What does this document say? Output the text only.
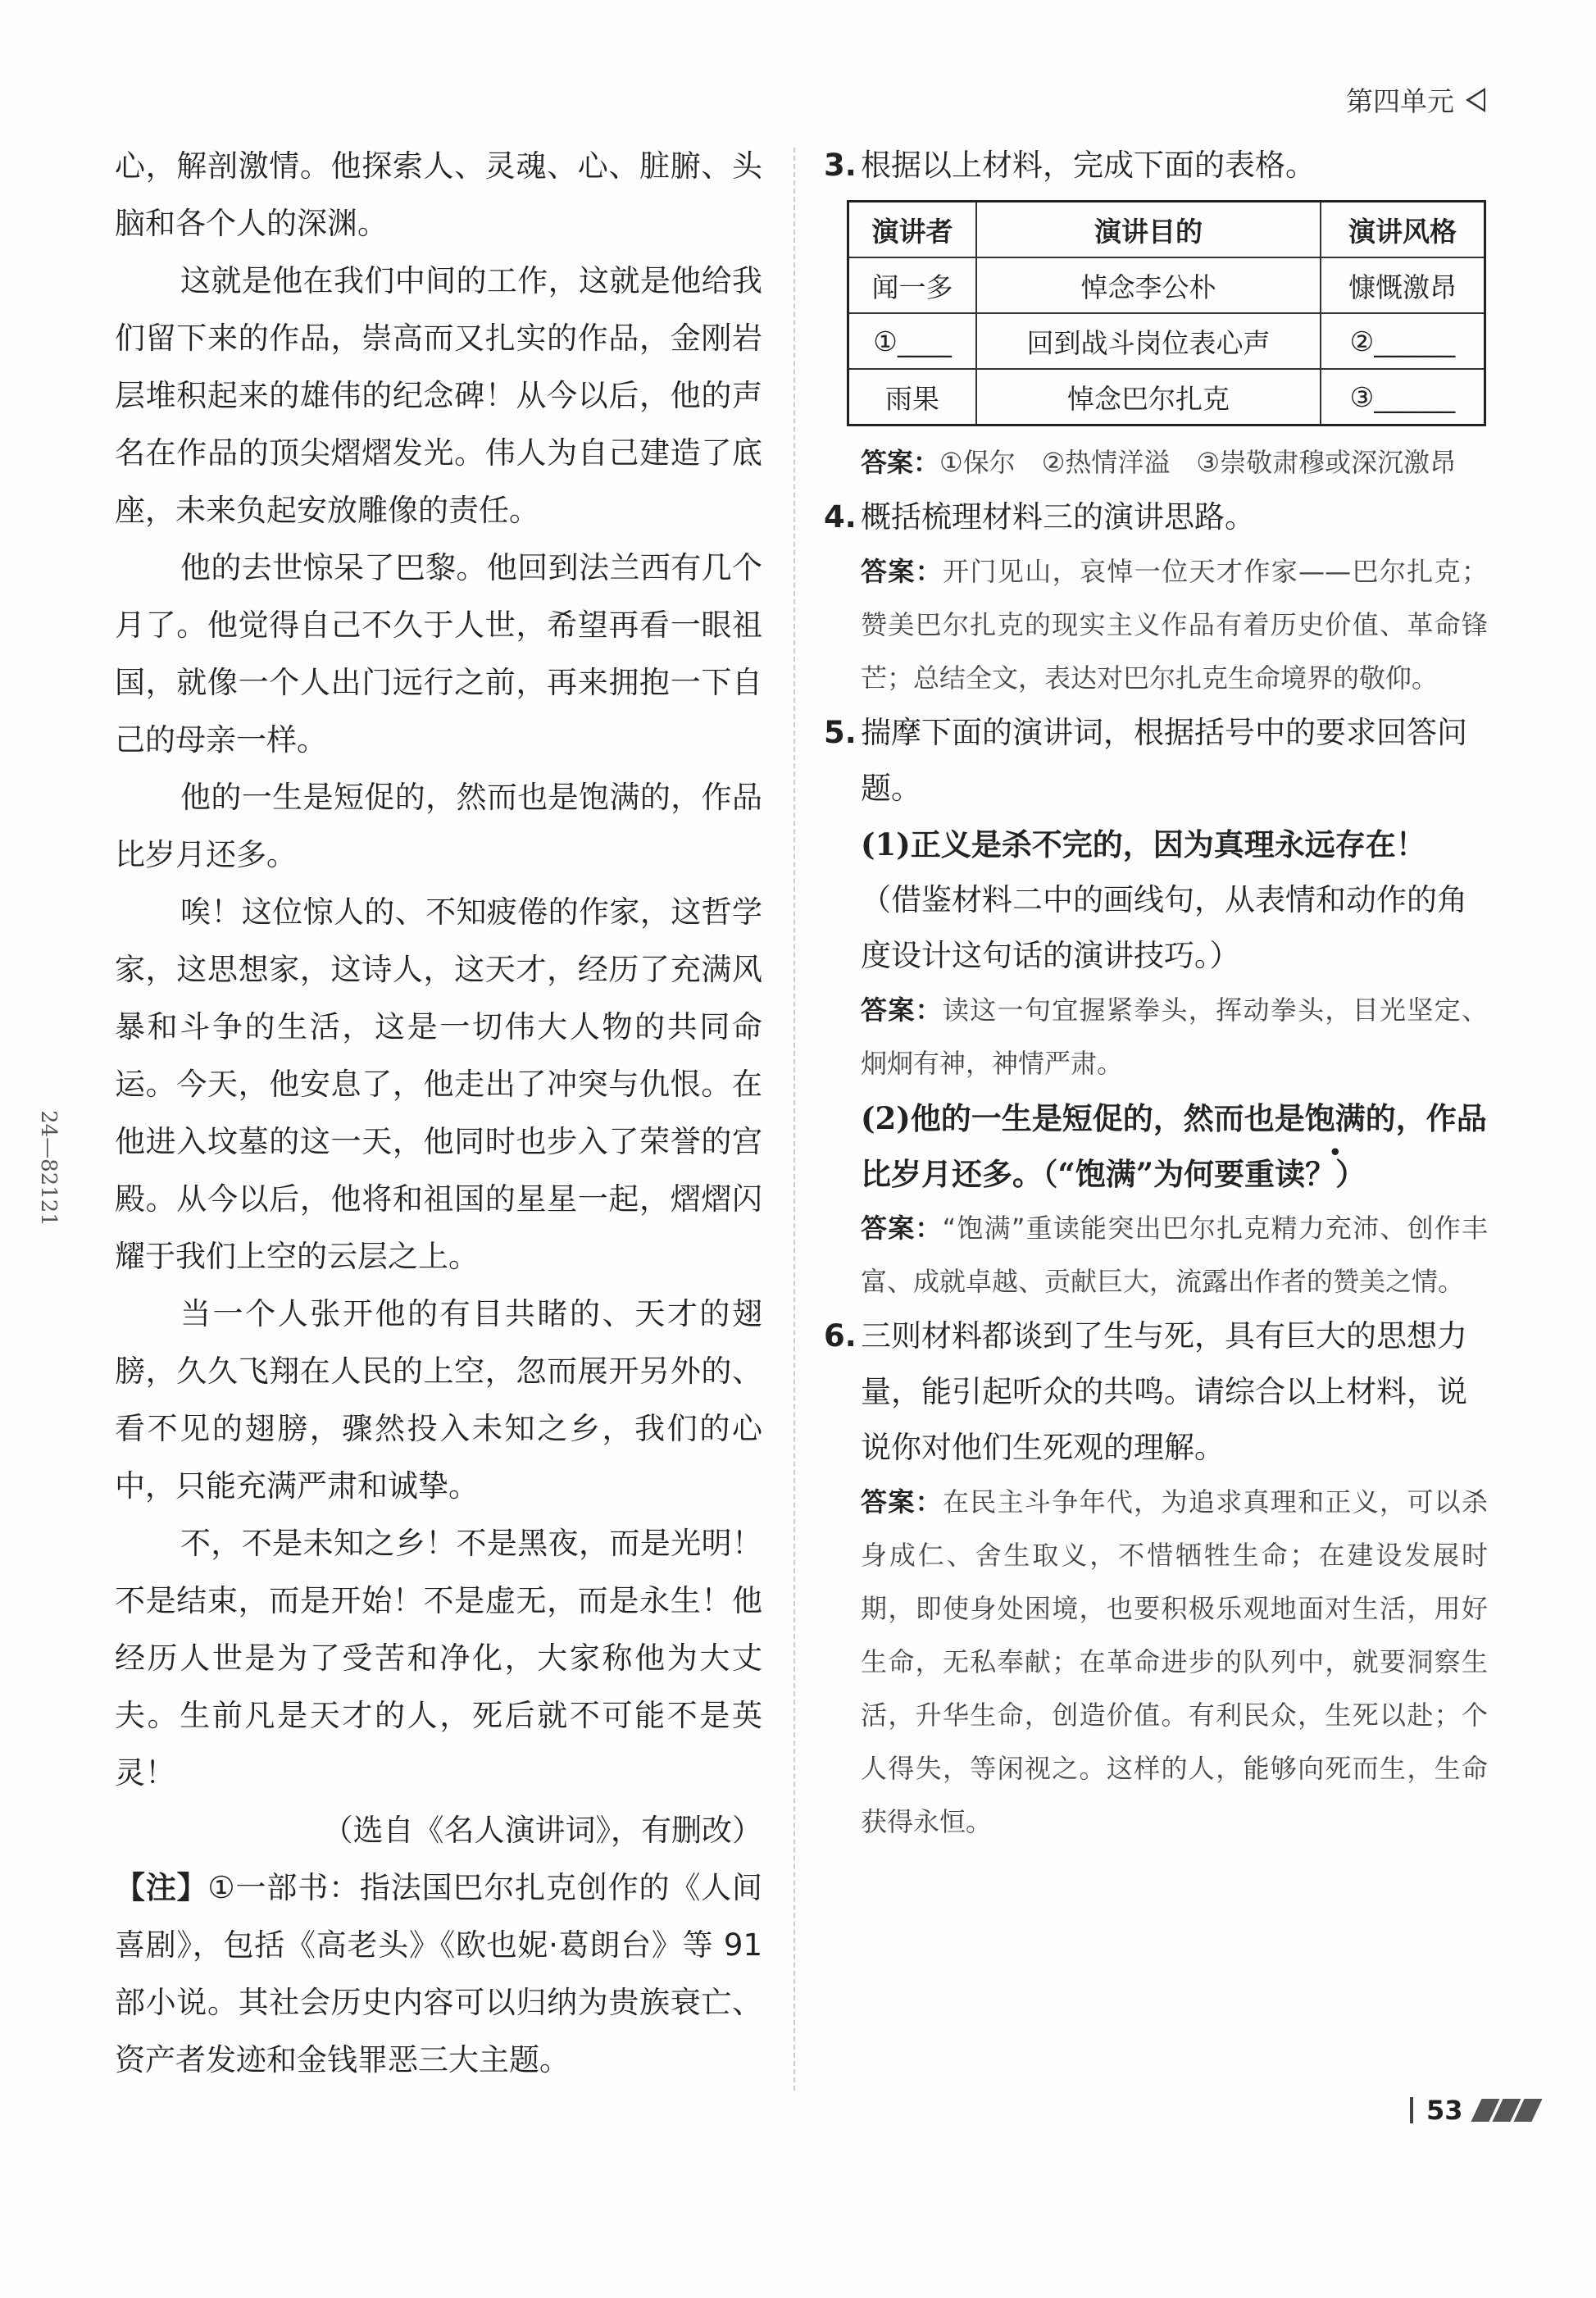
第四单元
24—82121

心，解剖激情。他探索人、灵魂、心、脏腑、头脑和各个人的深渊。

这就是他在我们中间的工作，这就是他给我们留下来的作品，崇高而又扎实的作品，金刚岩层堆积起来的雄伟的纪念碑！从今以后，他的声名在作品的顶尖熠熠发光。伟人为自己建造了底座，未来负起安放雕像的责任。

他的去世惊呆了巴黎。他回到法兰西有几个月了。他觉得自己不久于人世，希望再看一眼祖国，就像一个人出门远行之前，再来拥抱一下自己的母亲一样。

他的一生是短促的，然而也是饱满的，作品比岁月还多。

唉！这位惊人的、不知疲倦的作家，这哲学家，这思想家，这诗人，这天才，经历了充满风暴和斗争的生活，这是一切伟大人物的共同命运。今天，他安息了，他走出了冲突与仇恨。在他进入坟墓的这一天，他同时也步入了荣誉的宫殿。从今以后，他将和祖国的星星一起，熠熠闪耀于我们上空的云层之上。

当一个人张开他的有目共睹的、天才的翅膀，久久飞翔在人民的上空，忽而展开另外的、看不见的翅膀，骤然投入未知之乡，我们的心中，只能充满严肃和诚挚。

不，不是未知之乡！不是黑夜，而是光明！不是结束，而是开始！不是虚无，而是永生！他经历人世是为了受苦和净化，大家称他为大丈夫。生前凡是天才的人，死后就不可能不是英灵！

（选自《名人演讲词》，有删改）

【注】①一部书：指法国巴尔扎克创作的《人间喜剧》，包括《高老头》《欧也妮·葛朗台》等 91 部小说。其社会历史内容可以归纳为贵族衰亡、资产者发迹和金钱罪恶三大主题。

3. 根据以上材料，完成下面的表格。
演讲者	演讲目的	演讲风格
闻一多	悼念李公朴	慷慨激昂
①____	回到战斗岗位表心声	②______
雨果	悼念巴尔扎克	③______
答案：①保尔　②热情洋溢　③崇敬肃穆或深沉激昂
4. 概括梳理材料三的演讲思路。
答案：开门见山，哀悼一位天才作家——巴尔扎克；赞美巴尔扎克的现实主义作品有着历史价值、革命锋芒；总结全文，表达对巴尔扎克生命境界的敬仰。
5. 揣摩下面的演讲词，根据括号中的要求回答问题。
(1)正义是杀不完的，因为真理永远存在！
（借鉴材料二中的画线句，从表情和动作的角度设计这句话的演讲技巧。）
答案：读这一句宜握紧拳头，挥动拳头，目光坚定、炯炯有神，神情严肃。
(2)他的一生是短促的，然而也是饱满的，作品比岁月还多。（“饱满”为何要重读？）
答案：“饱满”重读能突出巴尔扎克精力充沛、创作丰富、成就卓越、贡献巨大，流露出作者的赞美之情。
6. 三则材料都谈到了生与死，具有巨大的思想力量，能引起听众的共鸣。请综合以上材料，说说你对他们生死观的理解。
答案：在民主斗争年代，为追求真理和正义，可以杀身成仁、舍生取义，不惜牺牲生命；在建设发展时期，即使身处困境，也要积极乐观地面对生活，用好生命，无私奉献；在革命进步的队列中，就要洞察生活，升华生命，创造价值。有利民众，生死以赴；个人得失，等闲视之。这样的人，能够向死而生，生命获得永恒。
53
